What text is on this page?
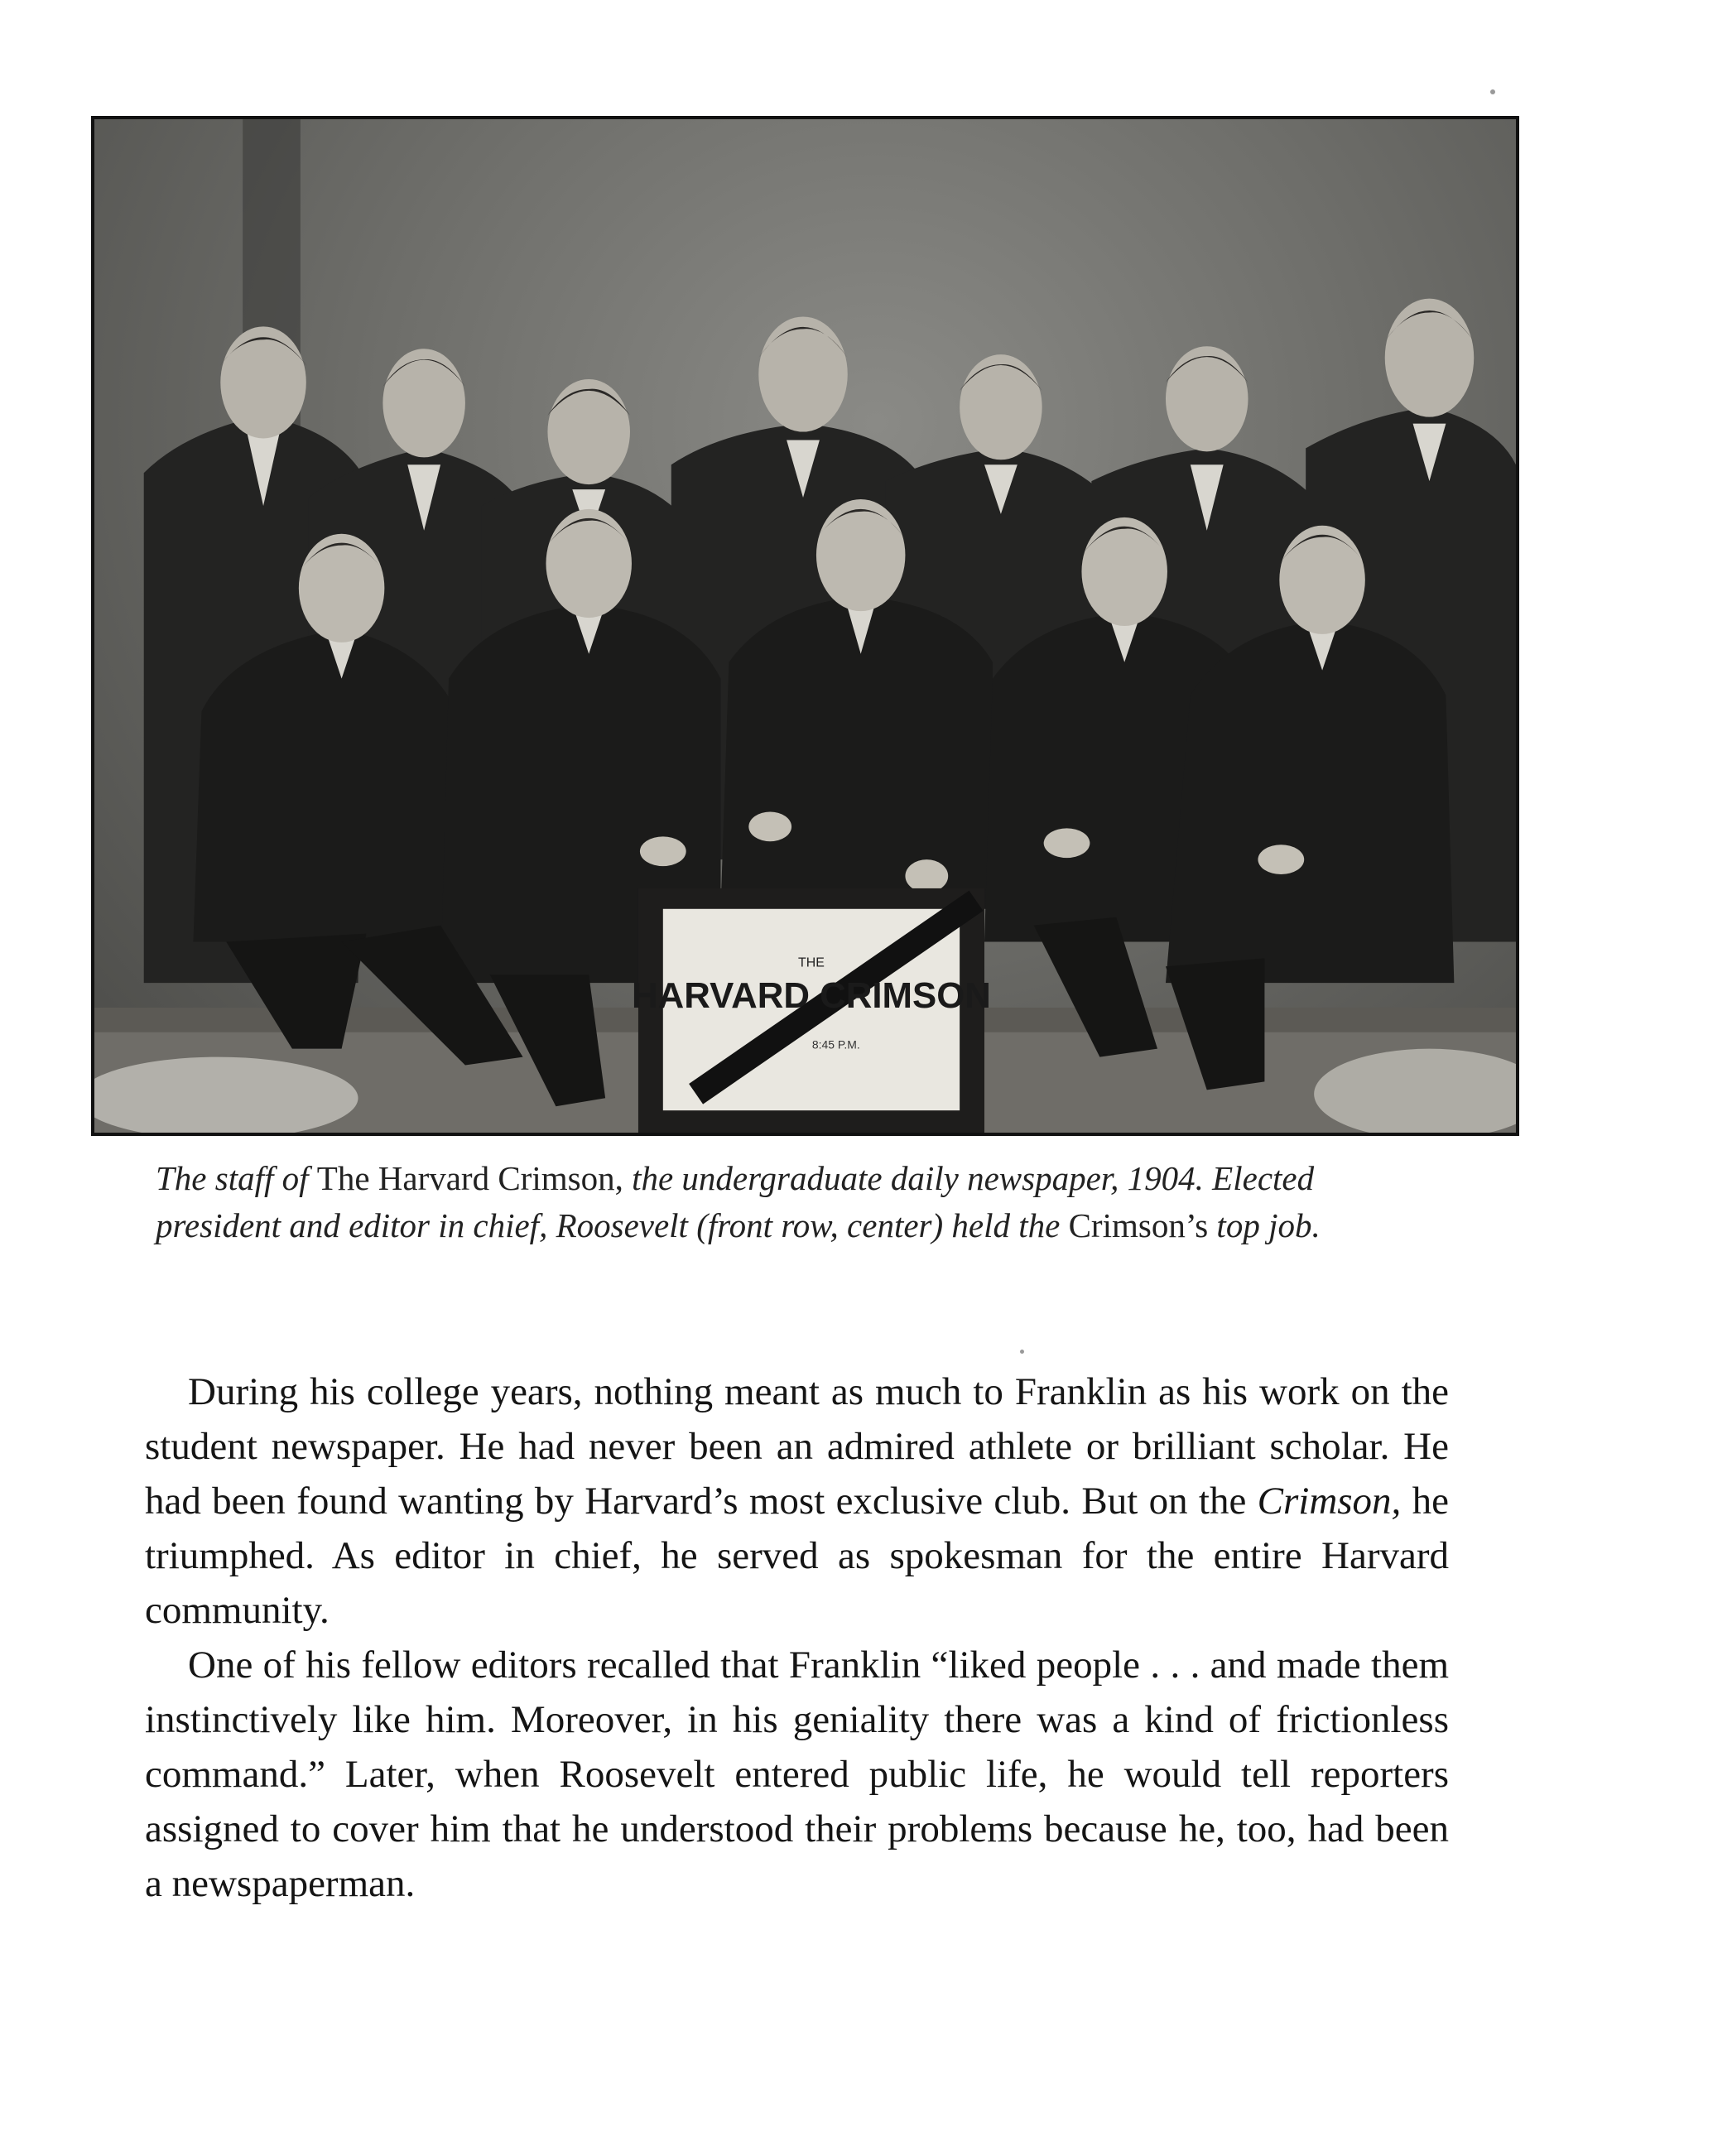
THE
HARVARD CRIMSON
8:45 P.M.
The staff of The Harvard Crimson, the undergraduate daily newspaper, 1904. Elected president and editor in chief, Roosevelt (front row, center) held the Crimson’s top job.

During his college years, nothing meant as much to Franklin as his work on the student newspaper. He had never been an admired athlete or brilliant scholar. He had been found wanting by Harvard’s most exclusive club. But on the Crimson, he triumphed. As editor in chief, he served as spokesman for the entire Harvard community.

One of his fellow editors recalled that Franklin “liked people . . . and made them instinctively like him. Moreover, in his geniality there was a kind of frictionless command.” Later, when Roosevelt entered public life, he would tell reporters assigned to cover him that he understood their problems because he, too, had been a newspaperman.
